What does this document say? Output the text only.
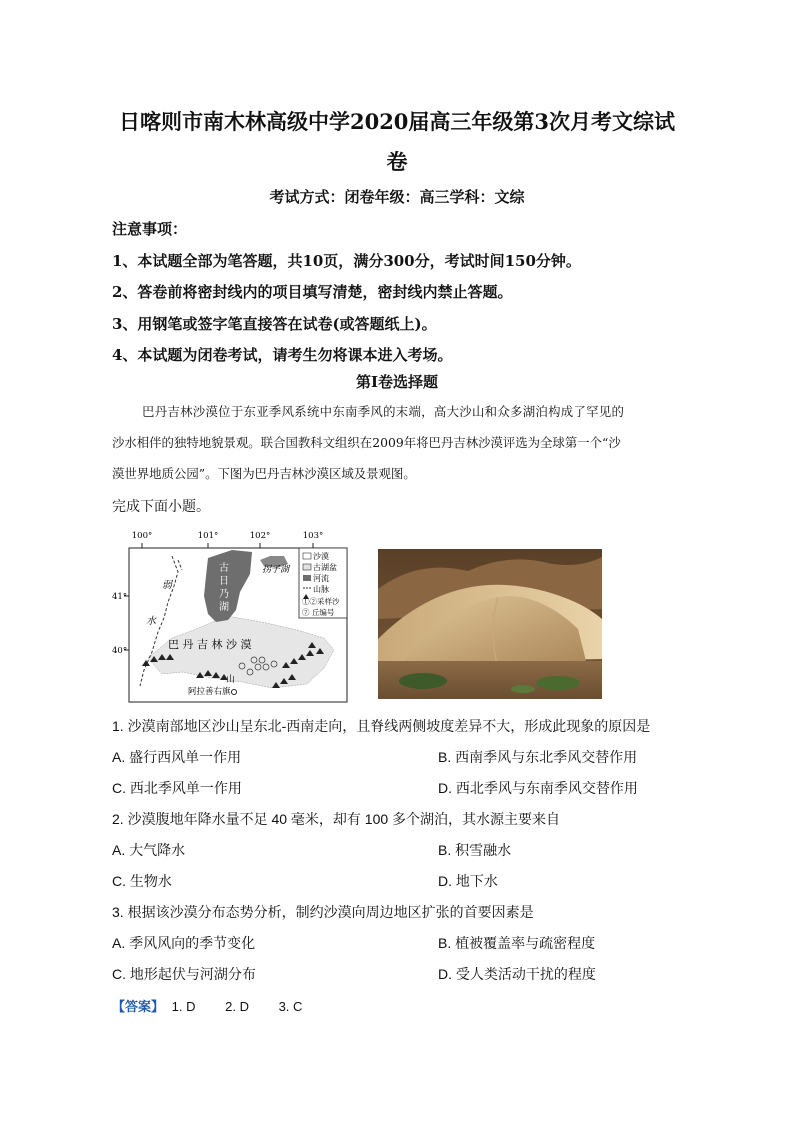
日喀则市南木林高级中学2020届高三年级第3次月考文综试
卷
考试方式：闭卷年级：高三学科：文综
注意事项：
1、本试题全部为笔答题，共10页，满分300分，考试时间150分钟。
2、答卷前将密封线内的项目填写清楚，密封线内禁止答题。
3、用钢笔或签字笔直接答在试卷(或答题纸上)。
4、本试题为闭卷考试，请考生勿将课本进入考场。
第Ⅰ卷选择题
巴丹吉林沙漠位于东亚季风系统中东南季风的末端，高大沙山和众多湖泊构成了罕见的
沙水相伴的独特地貌景观。联合国教科文组织在2009年将巴丹吉林沙漠评选为全球第一个“沙
漠世界地质公园”。下图为巴丹吉林沙漠区域及景观图。
完成下面小题。
100°	101°	102°	103°
41°
40°
古
日
乃
湖
拐子湖
弱
水
巴 丹 吉 林 沙 漠
山
阿拉善右旗
沙漠
古湖盆
河流
山脉
①②采样沙
⑦ 丘编号
1. 沙漠南部地区沙山呈东北-西南走向，且脊线两侧坡度差异不大，形成此现象的原因是
A. 盛行西风单一作用	B. 西南季风与东北季风交替作用
C. 西北季风单一作用	D. 西北季风与东南季风交替作用
2. 沙漠腹地年降水量不足 40 毫米，却有 100 多个湖泊，其水源主要来自
A. 大气降水	B. 积雪融水
C. 生物水	D. 地下水
3. 根据该沙漠分布态势分析，制约沙漠向周边地区扩张的首要因素是
A. 季风风向的季节变化	B. 植被覆盖率与疏密程度
C. 地形起伏与河湖分布	D. 受人类活动干扰的程度
【答案】 1. D 2. D 3. C
